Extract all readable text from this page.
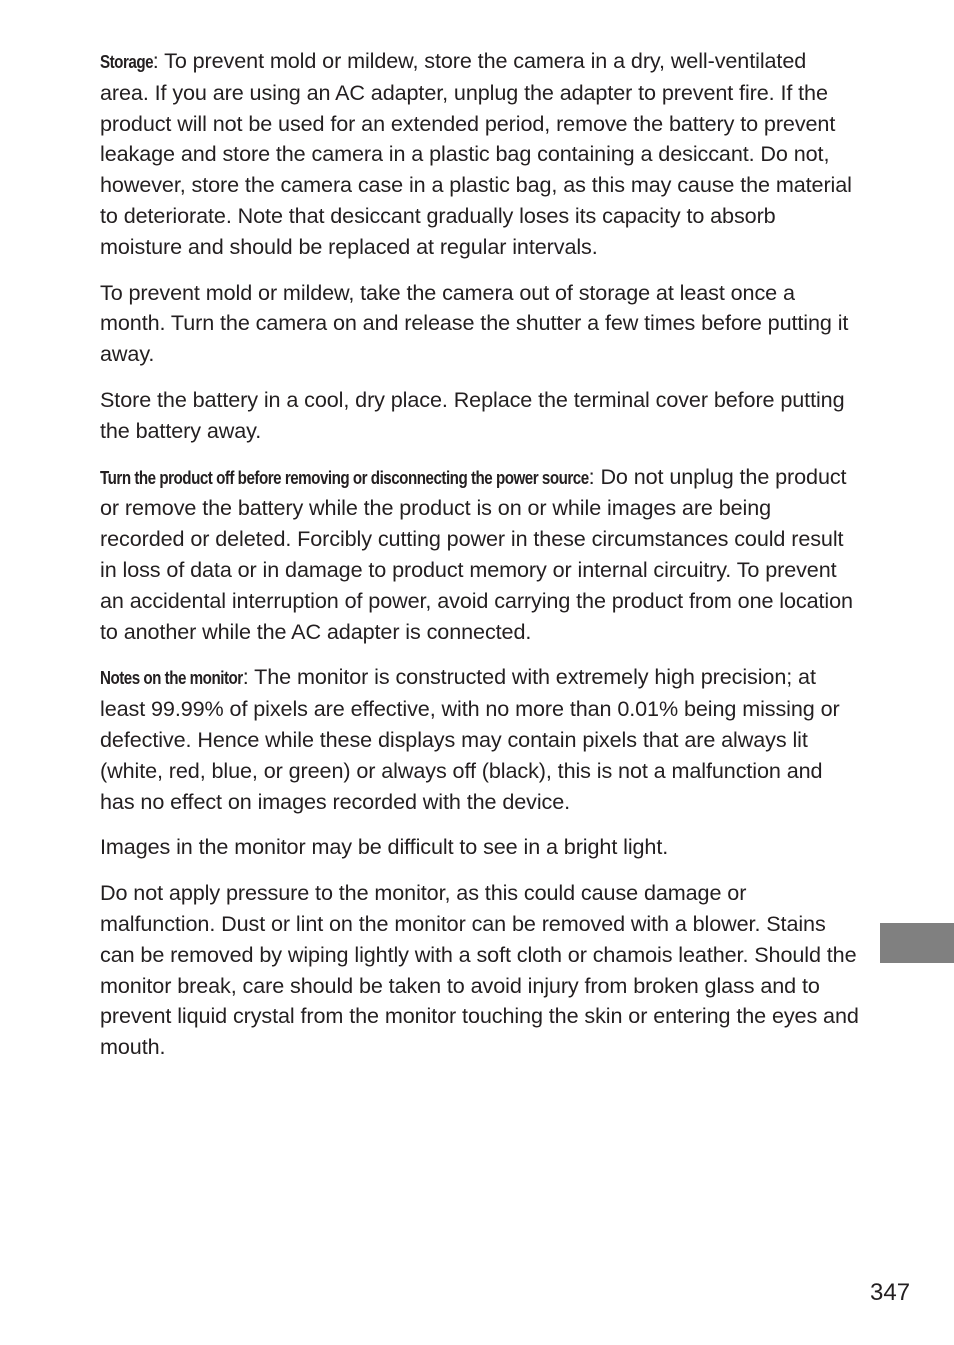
Storage: To prevent mold or mildew, store the camera in a dry, well-ventilated area. If you are using an AC adapter, unplug the adapter to prevent fire. If the product will not be used for an extended period, remove the battery to prevent leakage and store the camera in a plastic bag containing a desiccant. Do not, however, store the camera case in a plastic bag, as this may cause the material to deteriorate. Note that desiccant gradually loses its capacity to absorb moisture and should be replaced at regular intervals.

To prevent mold or mildew, take the camera out of storage at least once a month. Turn the camera on and release the shutter a few times before putting it away.

Store the battery in a cool, dry place. Replace the terminal cover before putting the battery away.

Turn the product off before removing or disconnecting the power source: Do not unplug the product or remove the battery while the product is on or while images are being recorded or deleted. Forcibly cutting power in these circumstances could result in loss of data or in damage to product memory or internal circuitry. To prevent an accidental interruption of power, avoid carrying the product from one location to another while the AC adapter is connected.

Notes on the monitor: The monitor is constructed with extremely high precision; at least 99.99% of pixels are effective, with no more than 0.01% being missing or defective. Hence while these displays may contain pixels that are always lit (white, red, blue, or green) or always off (black), this is not a malfunction and has no effect on images recorded with the device.

Images in the monitor may be difficult to see in a bright light.

Do not apply pressure to the monitor, as this could cause damage or malfunction. Dust or lint on the monitor can be removed with a blower. Stains can be removed by wiping lightly with a soft cloth or chamois leather. Should the monitor break, care should be taken to avoid injury from broken glass and to prevent liquid crystal from the monitor touching the skin or entering the eyes and mouth.

347
